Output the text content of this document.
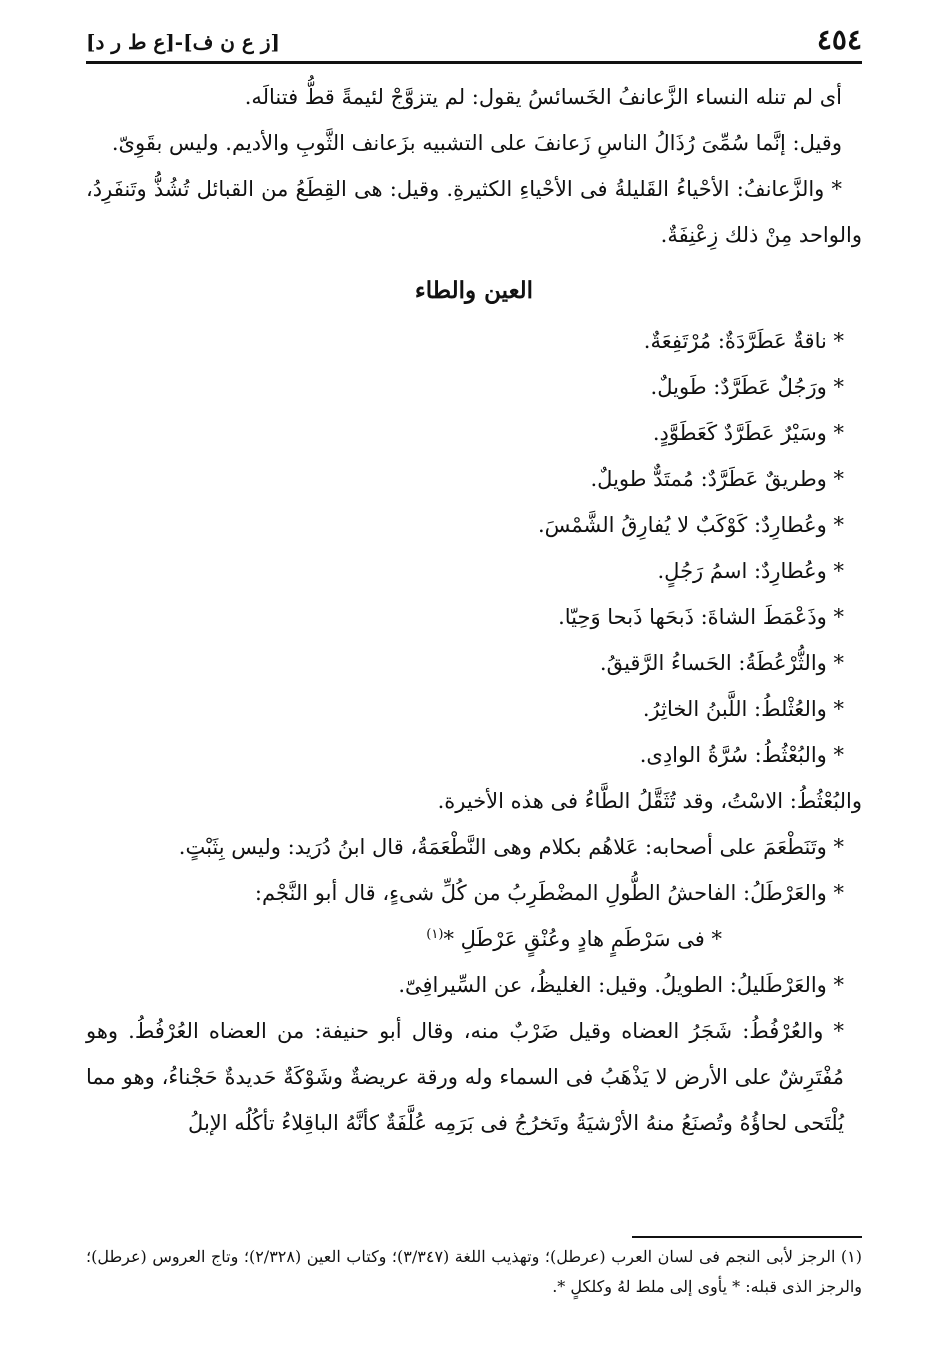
٤٥٤
[ز ع ن ف]-[ع ط ر د]

أى لم تنله النساء الزَّعانفُ الخَسائسُ يقول: لم يتزوَّجْ لئيمةً قطُّ فتنالَه.

وقيل: إنَّما سُمِّىَ رُذَالُ الناسِ زَعانفَ على التشبيه بزَعانف الثَّوبِ والأديم. وليس بقَوِىّ.

* والزَّعانفُ: الأحْياءُ القَليلةُ فى الأحْياءِ الكثيرةِ. وقيل: هى القِطَعُ من القبائل تُشُذُّ وتَنفَرِدُ، والواحد مِنْ ذلك زِعْنِفَةٌ.

العين والطاء

* ناقةٌ عَطَرَّدَةٌ: مُرْتَفِعَةٌ.

* ورَجُلٌ عَطَرَّدٌ: طَويلٌ.

* وسَيْرٌ عَطَرَّدٌ كَعَطَوَّدٍ.

* وطريقٌ عَطَرَّدٌ: مُمتَدٌّ طويلٌ.

* وعُطارِدٌ: كَوْكَبٌ لا يُفارِقُ الشَّمْسَ.

* وعُطارِدٌ: اسمُ رَجُلٍ.

* وذَعْمَطَ الشاةَ: ذَبحَها ذَبحا وَحِيّا.

* والثُّرْعُطَةُ: الحَساءُ الرَّقيقُ.

* والعُثْلطُ: اللَّبنُ الخاثِرُ.

* والبُعْثُطُ: سُرَّةُ الوادِى.

والبُعْثُطُ: الاسْتُ، وقد تُثَقَّلُ الطَّاءُ فى هذه الأخيرة.

* وتَنَطْعَمَ على أصحابه: عَلاهُم بكلام وهى النَّطْعَمَةُ، قال ابنُ دُرَيد: وليس بِثَبْتٍ.

* والعَرْطَلُ: الفاحشُ الطُّولِ المضْطَرِبُ من كُلِّ شىءٍ، قال أبو النَّجْم:

* فى سَرْطَمٍ هادٍ وعُنْقٍ عَرْطَلِ *$^{(١)}$

* والعَرْطَليلُ: الطويلُ. وقيل: الغليظُ، عن السِّيرافِىّ.

* والعُرْفُطُ: شَجَرُ العضاه وقيل ضَرْبٌ منه، وقال أبو حنيفة: من العضاه العُرْفُطُ. وهو مُفْتَرِشٌ على الأرض لا يَذْهَبُ فى السماء وله ورقة عريضةٌ وشَوْكَةٌ حَديدةٌ حَجْناءُ، وهو مما يُلْتَحى لحاؤُهُ وتُصنَعُ منهُ الأرْشيَةُ وتَخرُجُ فى بَرَمِه عُلَّفَةٌ كأنَّهُ الباقِلاءُ تأكُلُه الإبلُ

(١) الرجز لأبى النجم فى لسان العرب (عرطل)؛ وتهذيب اللغة (٣/٣٤٧)؛ وكتاب العين (٢/٣٢٨)؛ وتاج العروس (عرطل)؛ والرجز الذى قبله: * يأوى إلى ملط لهُ وكلكلٍ *.
